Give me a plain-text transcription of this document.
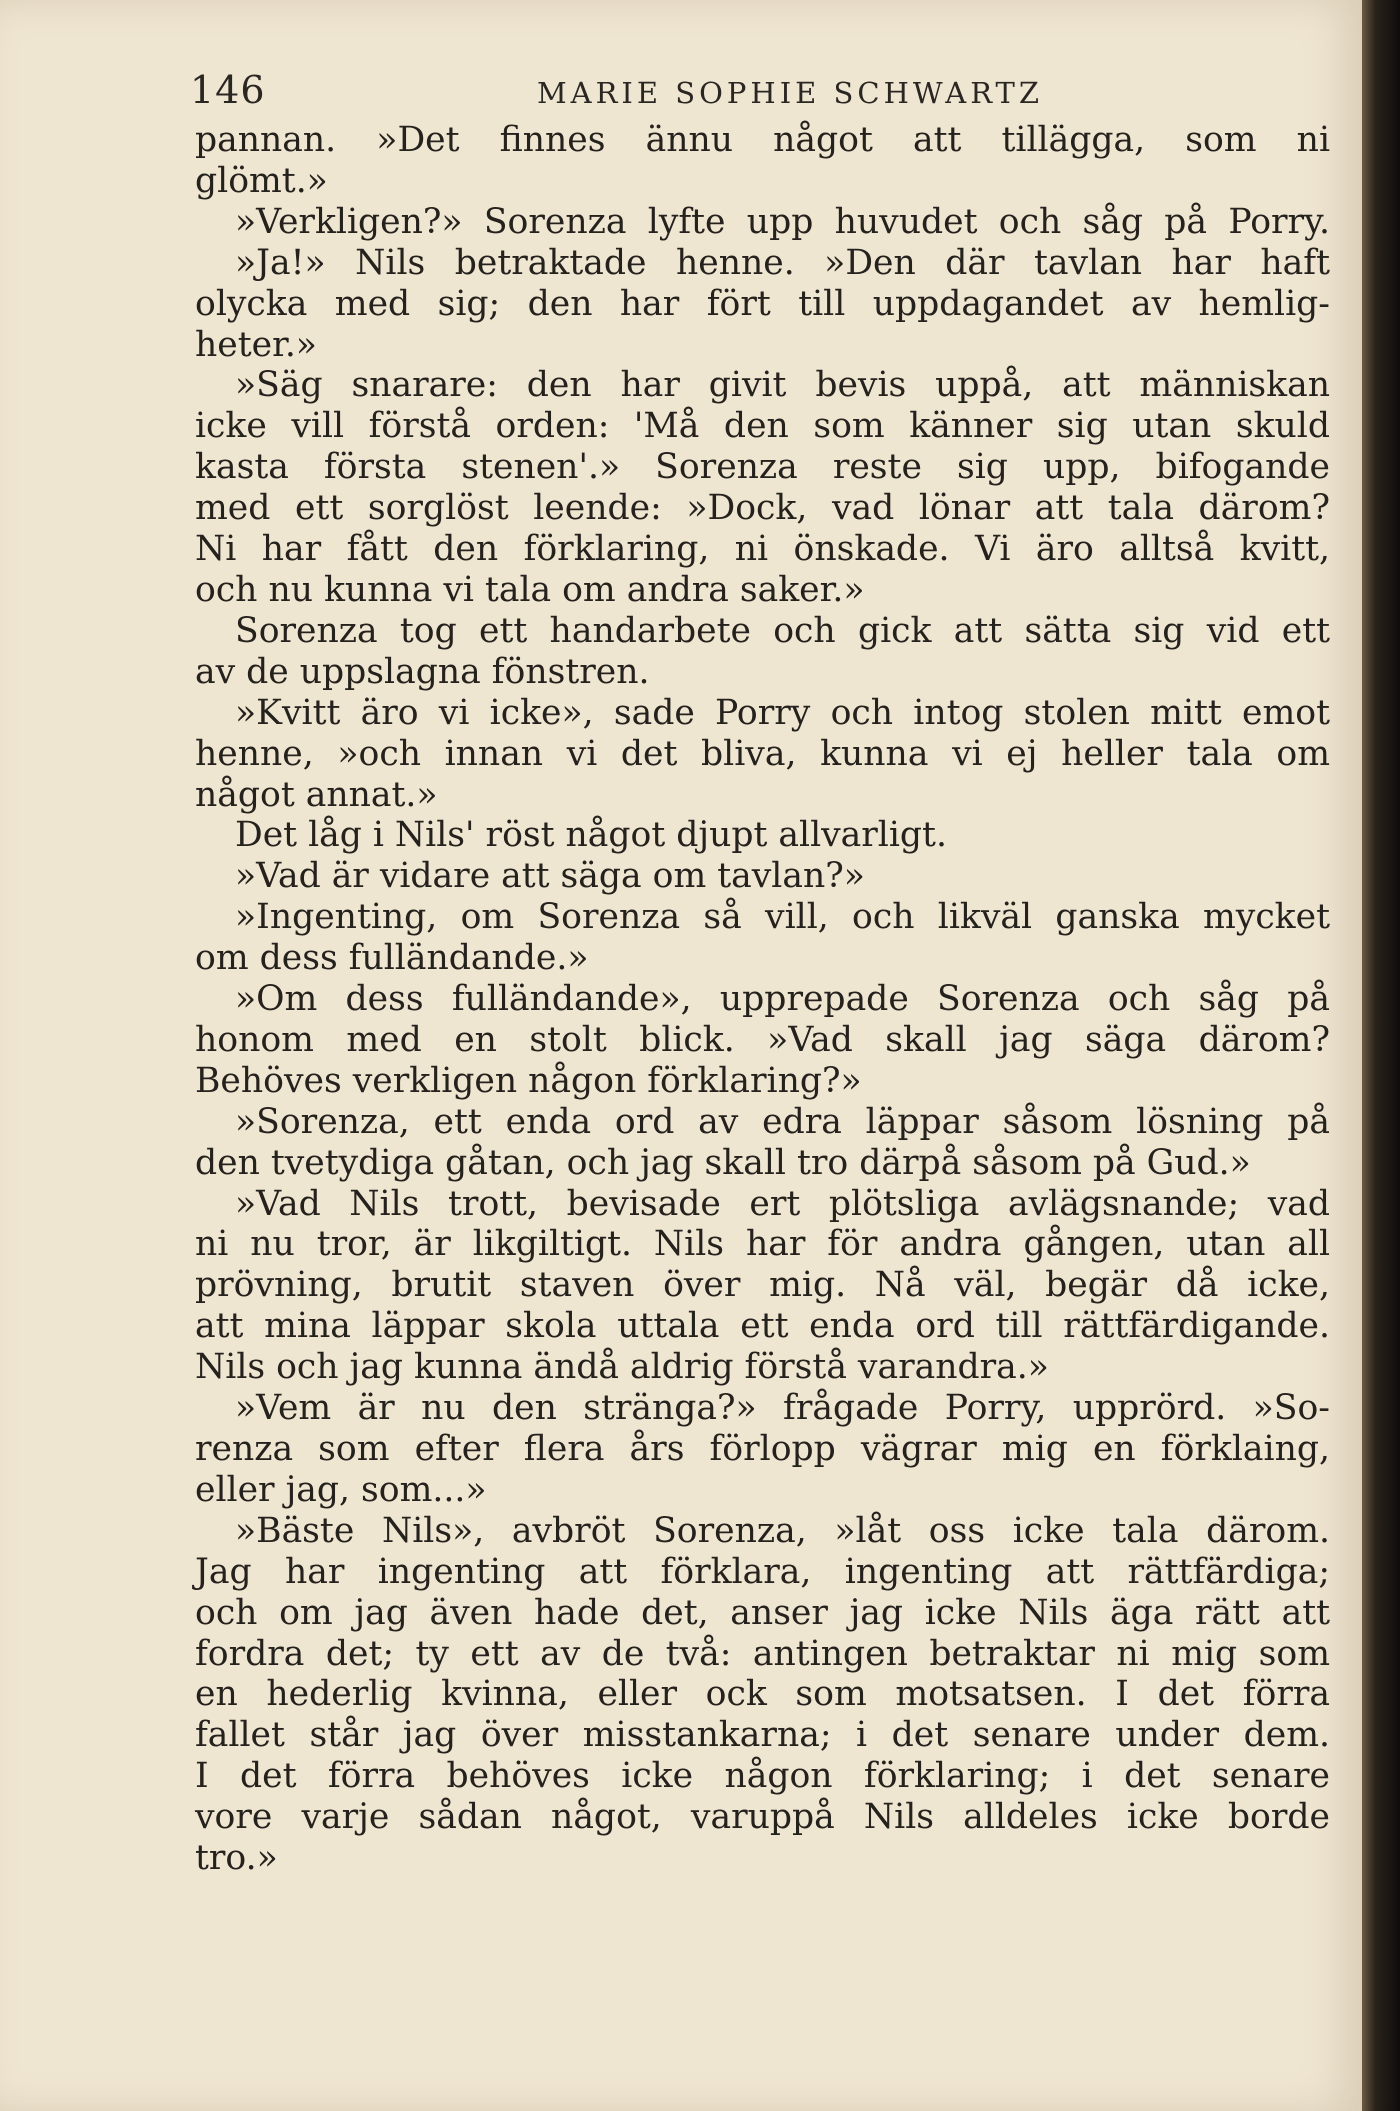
146	MARIE SOPHIE SCHWARTZ
pannan. »Det finnes ännu något att tillägga, som ni
glömt.»
»Verkligen?» Sorenza lyfte upp huvudet och såg på Porry.
»Ja!» Nils betraktade henne. »Den där tavlan har haft
olycka med sig; den har fört till uppdagandet av hemlig-
heter.»
»Säg snarare: den har givit bevis uppå, att människan
icke vill förstå orden: 'Må den som känner sig utan skuld
kasta första stenen'.» Sorenza reste sig upp, bifogande
med ett sorglöst leende: »Dock, vad lönar att tala därom?
Ni har fått den förklaring, ni önskade. Vi äro alltså kvitt,
och nu kunna vi tala om andra saker.»
Sorenza tog ett handarbete och gick att sätta sig vid ett
av de uppslagna fönstren.
»Kvitt äro vi icke», sade Porry och intog stolen mitt emot
henne, »och innan vi det bliva, kunna vi ej heller tala om
något annat.»
Det låg i Nils' röst något djupt allvarligt.
»Vad är vidare att säga om tavlan?»
»Ingenting, om Sorenza så vill, och likväl ganska mycket
om dess fulländande.»
»Om dess fulländande», upprepade Sorenza och såg på
honom med en stolt blick. »Vad skall jag säga därom?
Behöves verkligen någon förklaring?»
»Sorenza, ett enda ord av edra läppar såsom lösning på
den tvetydiga gåtan, och jag skall tro därpå såsom på Gud.»
»Vad Nils trott, bevisade ert plötsliga avlägsnande; vad
ni nu tror, är likgiltigt. Nils har för andra gången, utan all
prövning, brutit staven över mig. Nå väl, begär då icke,
att mina läppar skola uttala ett enda ord till rättfärdigande.
Nils och jag kunna ändå aldrig förstå varandra.»
»Vem är nu den stränga?» frågade Porry, upprörd. »So-
renza som efter flera års förlopp vägrar mig en förklaing,
eller jag, som...»
»Bäste Nils», avbröt Sorenza, »låt oss icke tala därom.
Jag har ingenting att förklara, ingenting att rättfärdiga;
och om jag även hade det, anser jag icke Nils äga rätt att
fordra det; ty ett av de två: antingen betraktar ni mig som
en hederlig kvinna, eller ock som motsatsen. I det förra
fallet står jag över misstankarna; i det senare under dem.
I det förra behöves icke någon förklaring; i det senare
vore varje sådan något, varuppå Nils alldeles icke borde
tro.»
